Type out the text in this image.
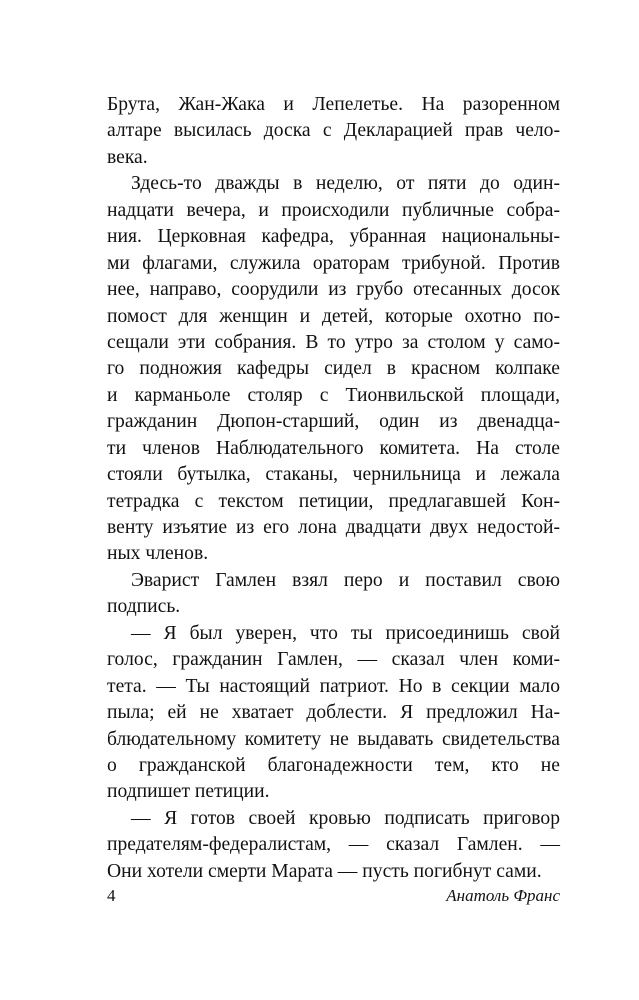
Брута, Жан-Жака и Лепелетье. На разоренном
алтаре высилась доска с Декларацией прав чело-
века.
Здесь-то дважды в неделю, от пяти до один-
надцати вечера, и происходили публичные собра-
ния. Церковная кафедра, убранная национальны-
ми флагами, служила ораторам трибуной. Против
нее, направо, соорудили из грубо отесанных досок
помост для женщин и детей, которые охотно по-
сещали эти собрания. В то утро за столом у само-
го подножия кафедры сидел в красном колпаке
и карманьоле столяр с Тионвильской площади,
гражданин Дюпон-старший, один из двенадца-
ти членов Наблюдательного комитета. На столе
стояли бутылка, стаканы, чернильница и лежала
тетрадка с текстом петиции, предлагавшей Кон-
венту изъятие из его лона двадцати двух недостой-
ных членов.
Эварист Гамлен взял перо и поставил свою
подпись.
— Я был уверен, что ты присоединишь свой
голос, гражданин Гамлен, — сказал член коми-
тета. — Ты настоящий патриот. Но в секции мало
пыла; ей не хватает доблести. Я предложил На-
блюдательному комитету не выдавать свидетельства
о гражданской благонадежности тем, кто не
подпишет петиции.
— Я готов своей кровью подписать приговор
предателям-федералистам, — сказал Гамлен. —
Они хотели смерти Марата — пусть погибнут сами.
4	Анатоль Франс
